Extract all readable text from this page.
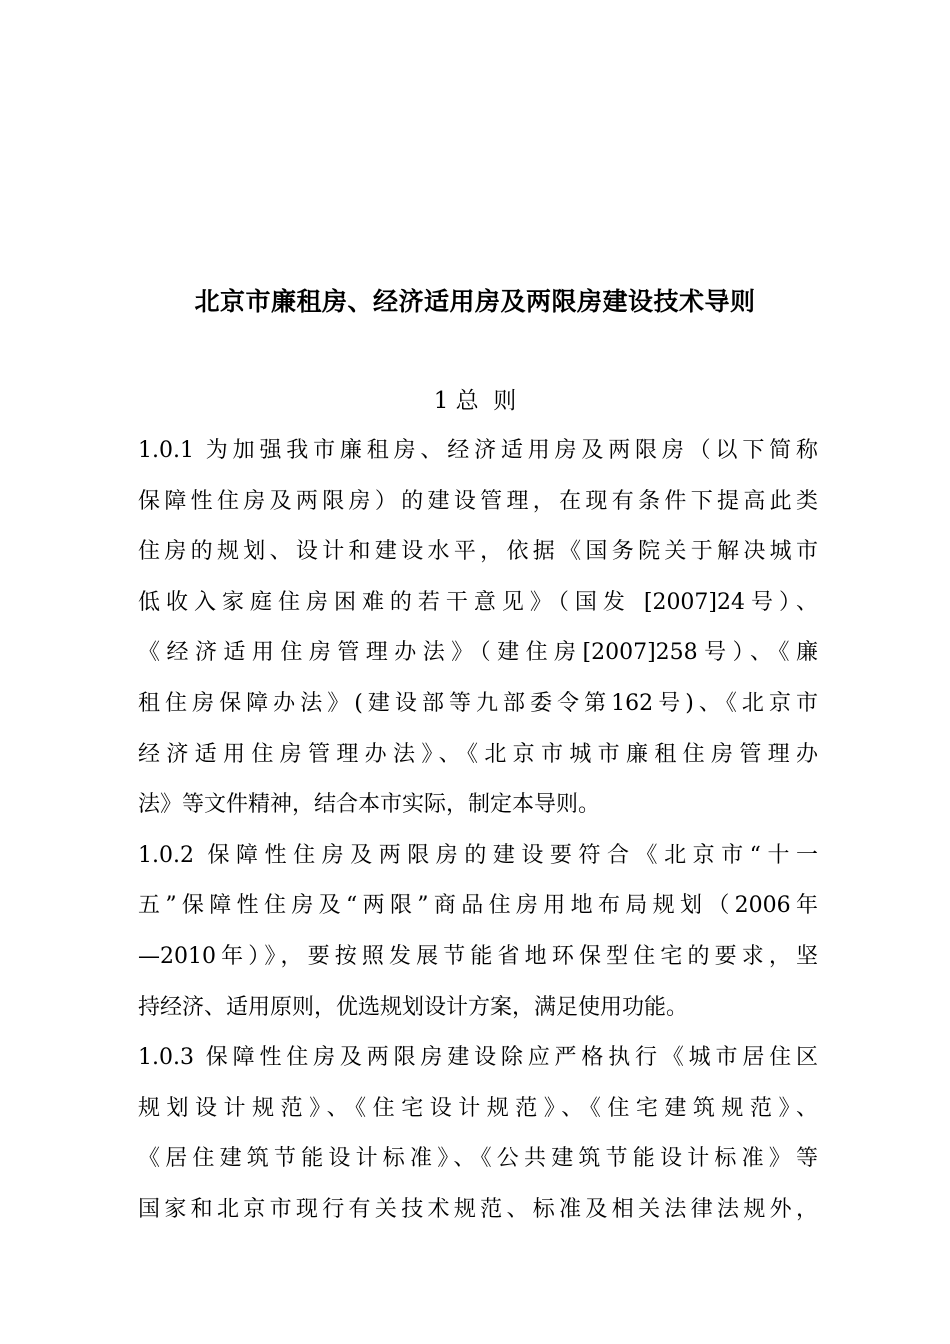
北京市廉租房、经济适用房及两限房建设技术导则
1 总  则
1.0.1 为加强我市廉租房、经济适用房及两限房（以下简称
保障性住房及两限房）的建设管理，在现有条件下提高此类
住房的规划、设计和建设水平，依据《国务院关于解决城市
低收入家庭住房困难的若干意见》（国发 [2007]24号）、
《经济适用住房管理办法》（建住房[2007]258号）、《廉
租住房保障办法》(建设部等九部委令第162号)、《北京市
经济适用住房管理办法》、《北京市城市廉租住房管理办
法》等文件精神，结合本市实际，制定本导则。
1.0.2 保障性住房及两限房的建设要符合《北京市“十一
五”保障性住房及“两限”商品住房用地布局规划（2006年
—2010年）》，要按照发展节能省地环保型住宅的要求，坚
持经济、适用原则，优选规划设计方案，满足使用功能。
1.0.3 保障性住房及两限房建设除应严格执行《城市居住区
规划设计规范》、《住宅设计规范》、《住宅建筑规范》、
《居住建筑节能设计标准》、《公共建筑节能设计标准》等
国家和北京市现行有关技术规范、标准及相关法律法规外，
